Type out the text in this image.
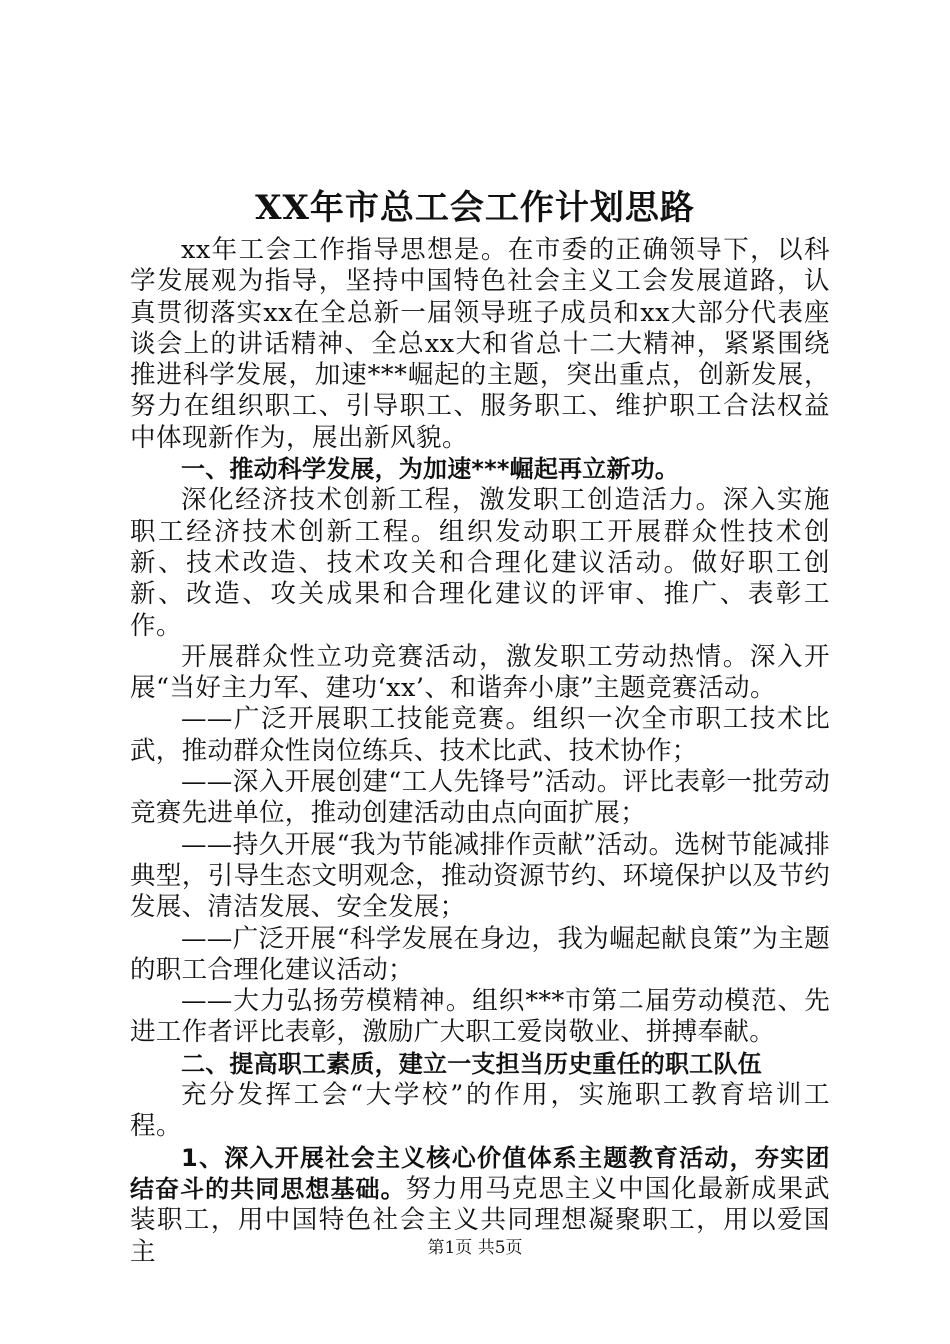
XX年市总工会工作计划思路

xx年工会工作指导思想是。在市委的正确领导下，以科学发展观为指导，坚持中国特色社会主义工会发展道路，认真贯彻落实xx在全总新一届领导班子成员和xx大部分代表座谈会上的讲话精神、全总xx大和省总十二大精神，紧紧围绕推进科学发展，加速***崛起的主题，突出重点，创新发展，努力在组织职工、引导职工、服务职工、维护职工合法权益中体现新作为，展出新风貌。

一、推动科学发展，为加速***崛起再立新功。

深化经济技术创新工程，激发职工创造活力。深入实施职工经济技术创新工程。组织发动职工开展群众性技术创新、技术改造、技术攻关和合理化建议活动。做好职工创新、改造、攻关成果和合理化建议的评审、推广、表彰工作。

开展群众性立功竞赛活动，激发职工劳动热情。深入开展“当好主力军、建功‘xx’、和谐奔小康”主题竞赛活动。

——广泛开展职工技能竞赛。组织一次全市职工技术比武，推动群众性岗位练兵、技术比武、技术协作；

——深入开展创建“工人先锋号”活动。评比表彰一批劳动竞赛先进单位，推动创建活动由点向面扩展；

——持久开展“我为节能减排作贡献”活动。选树节能减排典型，引导生态文明观念，推动资源节约、环境保护以及节约发展、清洁发展、安全发展；

——广泛开展“科学发展在身边，我为崛起献良策”为主题的职工合理化建议活动；

——大力弘扬劳模精神。组织***市第二届劳动模范、先进工作者评比表彰，激励广大职工爱岗敬业、拼搏奉献。

二、提高职工素质，建立一支担当历史重任的职工队伍

充分发挥工会“大学校”的作用，实施职工教育培训工程。

1、深入开展社会主义核心价值体系主题教育活动，夯实团结奋斗的共同思想基础。努力用马克思主义中国化最新成果武装职工，用中国特色社会主义共同理想凝聚职工，用以爱国主	第1页 共5页
